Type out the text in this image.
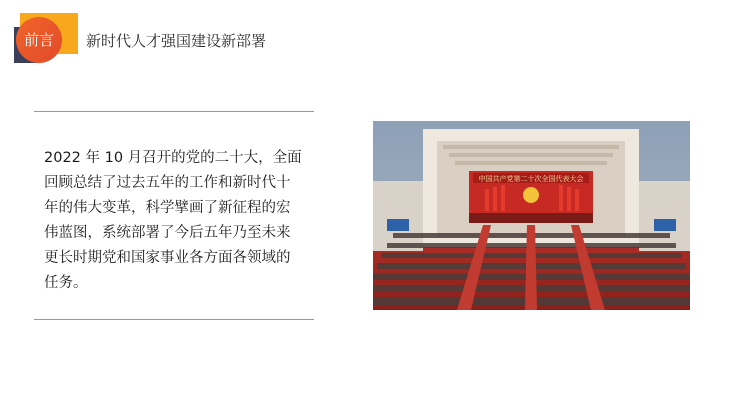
前言	新时代人才强国建设新部署
2022 年 10 月召开的党的二十大，全面回顾总结了过去五年的工作和新时代十年的伟大变革，科学擘画了新征程的宏伟蓝图，系统部署了今后五年乃至未来更长时期党和国家事业各方面各领域的任务。
中国共产党第二十次全国代表大会
